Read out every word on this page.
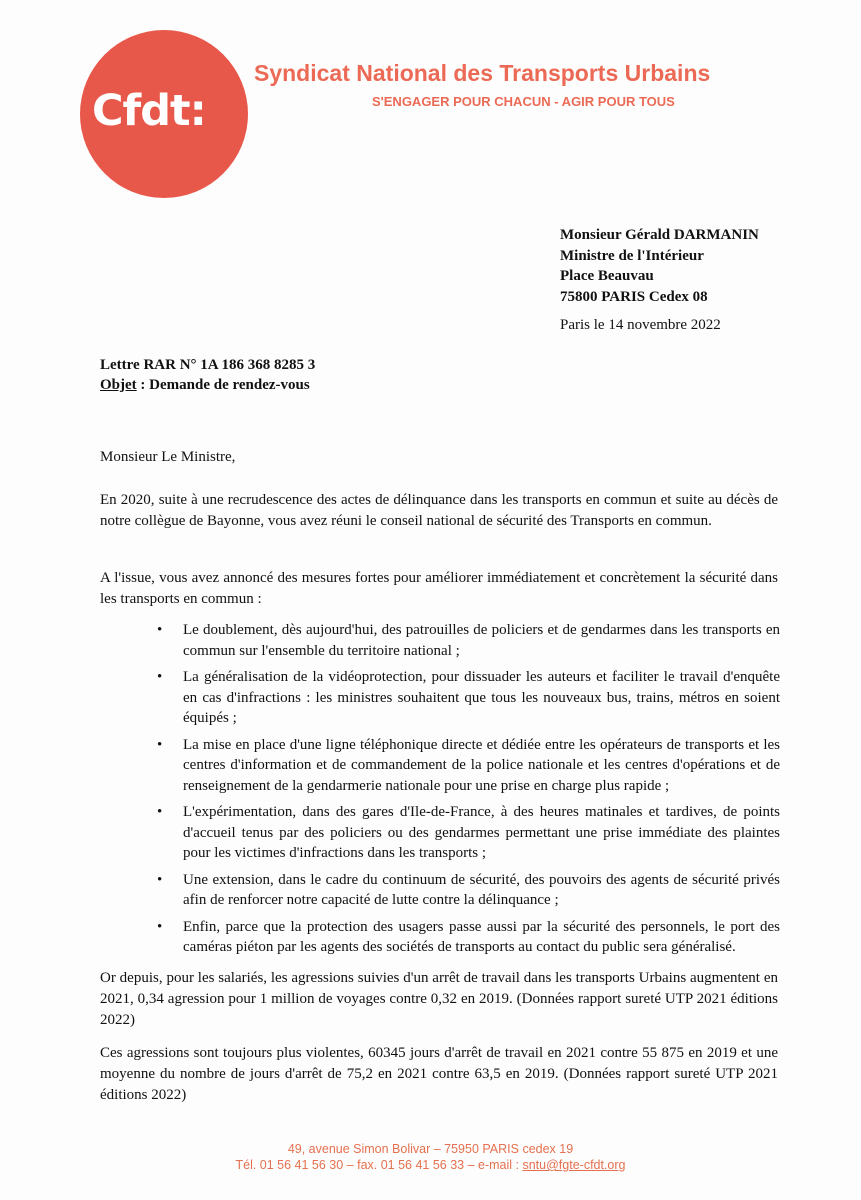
Cfdt:
Syndicat National des Transports Urbains
S'ENGAGER POUR CHACUN - AGIR POUR TOUS
Monsieur Gérald DARMANIN
Ministre de l'Intérieur
Place Beauvau
75800 PARIS Cedex 08
Paris le 14 novembre 2022
Lettre RAR N° 1A 186 368 8285 3
Objet : Demande de rendez-vous
Monsieur Le Ministre,

En 2020, suite à une recrudescence des actes de délinquance dans les transports en commun et suite au décès de notre collègue de Bayonne, vous avez réuni le conseil national de sécurité des Transports en commun.

A l'issue, vous avez annoncé des mesures fortes pour améliorer immédiatement et concrètement la sécurité dans les transports en commun :

• Le doublement, dès aujourd'hui, des patrouilles de policiers et de gendarmes dans les transports en commun sur l'ensemble du territoire national ;
• La généralisation de la vidéoprotection, pour dissuader les auteurs et faciliter le travail d'enquête en cas d'infractions : les ministres souhaitent que tous les nouveaux bus, trains, métros en soient équipés ;
• La mise en place d'une ligne téléphonique directe et dédiée entre les opérateurs de transports et les centres d'information et de commandement de la police nationale et les centres d'opérations et de renseignement de la gendarmerie nationale pour une prise en charge plus rapide ;
• L'expérimentation, dans des gares d'Ile-de-France, à des heures matinales et tardives, de points d'accueil tenus par des policiers ou des gendarmes permettant une prise immédiate des plaintes pour les victimes d'infractions dans les transports ;
• Une extension, dans le cadre du continuum de sécurité, des pouvoirs des agents de sécurité privés afin de renforcer notre capacité de lutte contre la délinquance ;
• Enfin, parce que la protection des usagers passe aussi par la sécurité des personnels, le port des caméras piéton par les agents des sociétés de transports au contact du public sera généralisé.

Or depuis, pour les salariés, les agressions suivies d'un arrêt de travail dans les transports Urbains augmentent en 2021, 0,34 agression pour 1 million de voyages contre 0,32 en 2019. (Données rapport sureté UTP 2021 éditions 2022)

Ces agressions sont toujours plus violentes, 60345 jours d'arrêt de travail en 2021 contre 55 875 en 2019 et une moyenne du nombre de jours d'arrêt de 75,2 en 2021 contre 63,5 en 2019. (Données rapport sureté UTP 2021 éditions 2022)

49, avenue Simon Bolivar – 75950 PARIS cedex 19
Tél. 01 56 41 56 30 – fax. 01 56 41 56 33 – e-mail : sntu@fgte-cfdt.org
